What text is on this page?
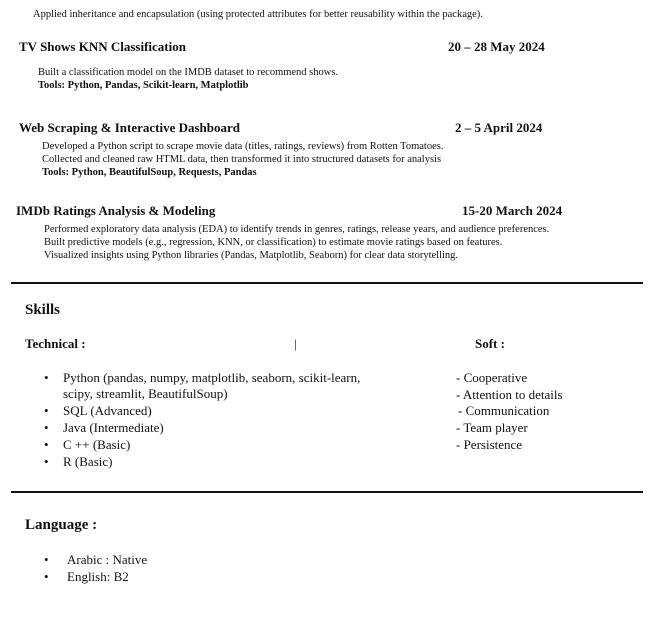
Applied inheritance and encapsulation (using protected attributes for better reusability within the package).
TV Shows KNN Classification	20 – 28 May 2024
Built a classification model on the IMDB dataset to recommend shows.
Tools: Python, Pandas, Scikit-learn, Matplotlib
Web Scraping & Interactive Dashboard	2 – 5 April 2024
Developed a Python script to scrape movie data (titles, ratings, reviews) from Rotten Tomatoes.
Collected and cleaned raw HTML data, then transformed it into structured datasets for analysis
Tools: Python, BeautifulSoup, Requests, Pandas
IMDb Ratings Analysis & Modeling	15-20 March 2024
Performed exploratory data analysis (EDA) to identify trends in genres, ratings, release years, and audience preferences.
Built predictive models (e.g., regression, KNN, or classification) to estimate movie ratings based on features.
Visualized insights using Python libraries (Pandas, Matplotlib, Seaborn) for clear data storytelling.
Skills
Technical :	|	Soft :
• Python (pandas, numpy, matplotlib, seaborn, scikit-learn,
scipy, streamlit, BeautifulSoup)
• SQL (Advanced)
• Java (Intermediate)
• C ++ (Basic)
• R (Basic)
- Cooperative
- Attention to details
- Communication
- Team player
- Persistence
Language :
• Arabic : Native
• English: B2
